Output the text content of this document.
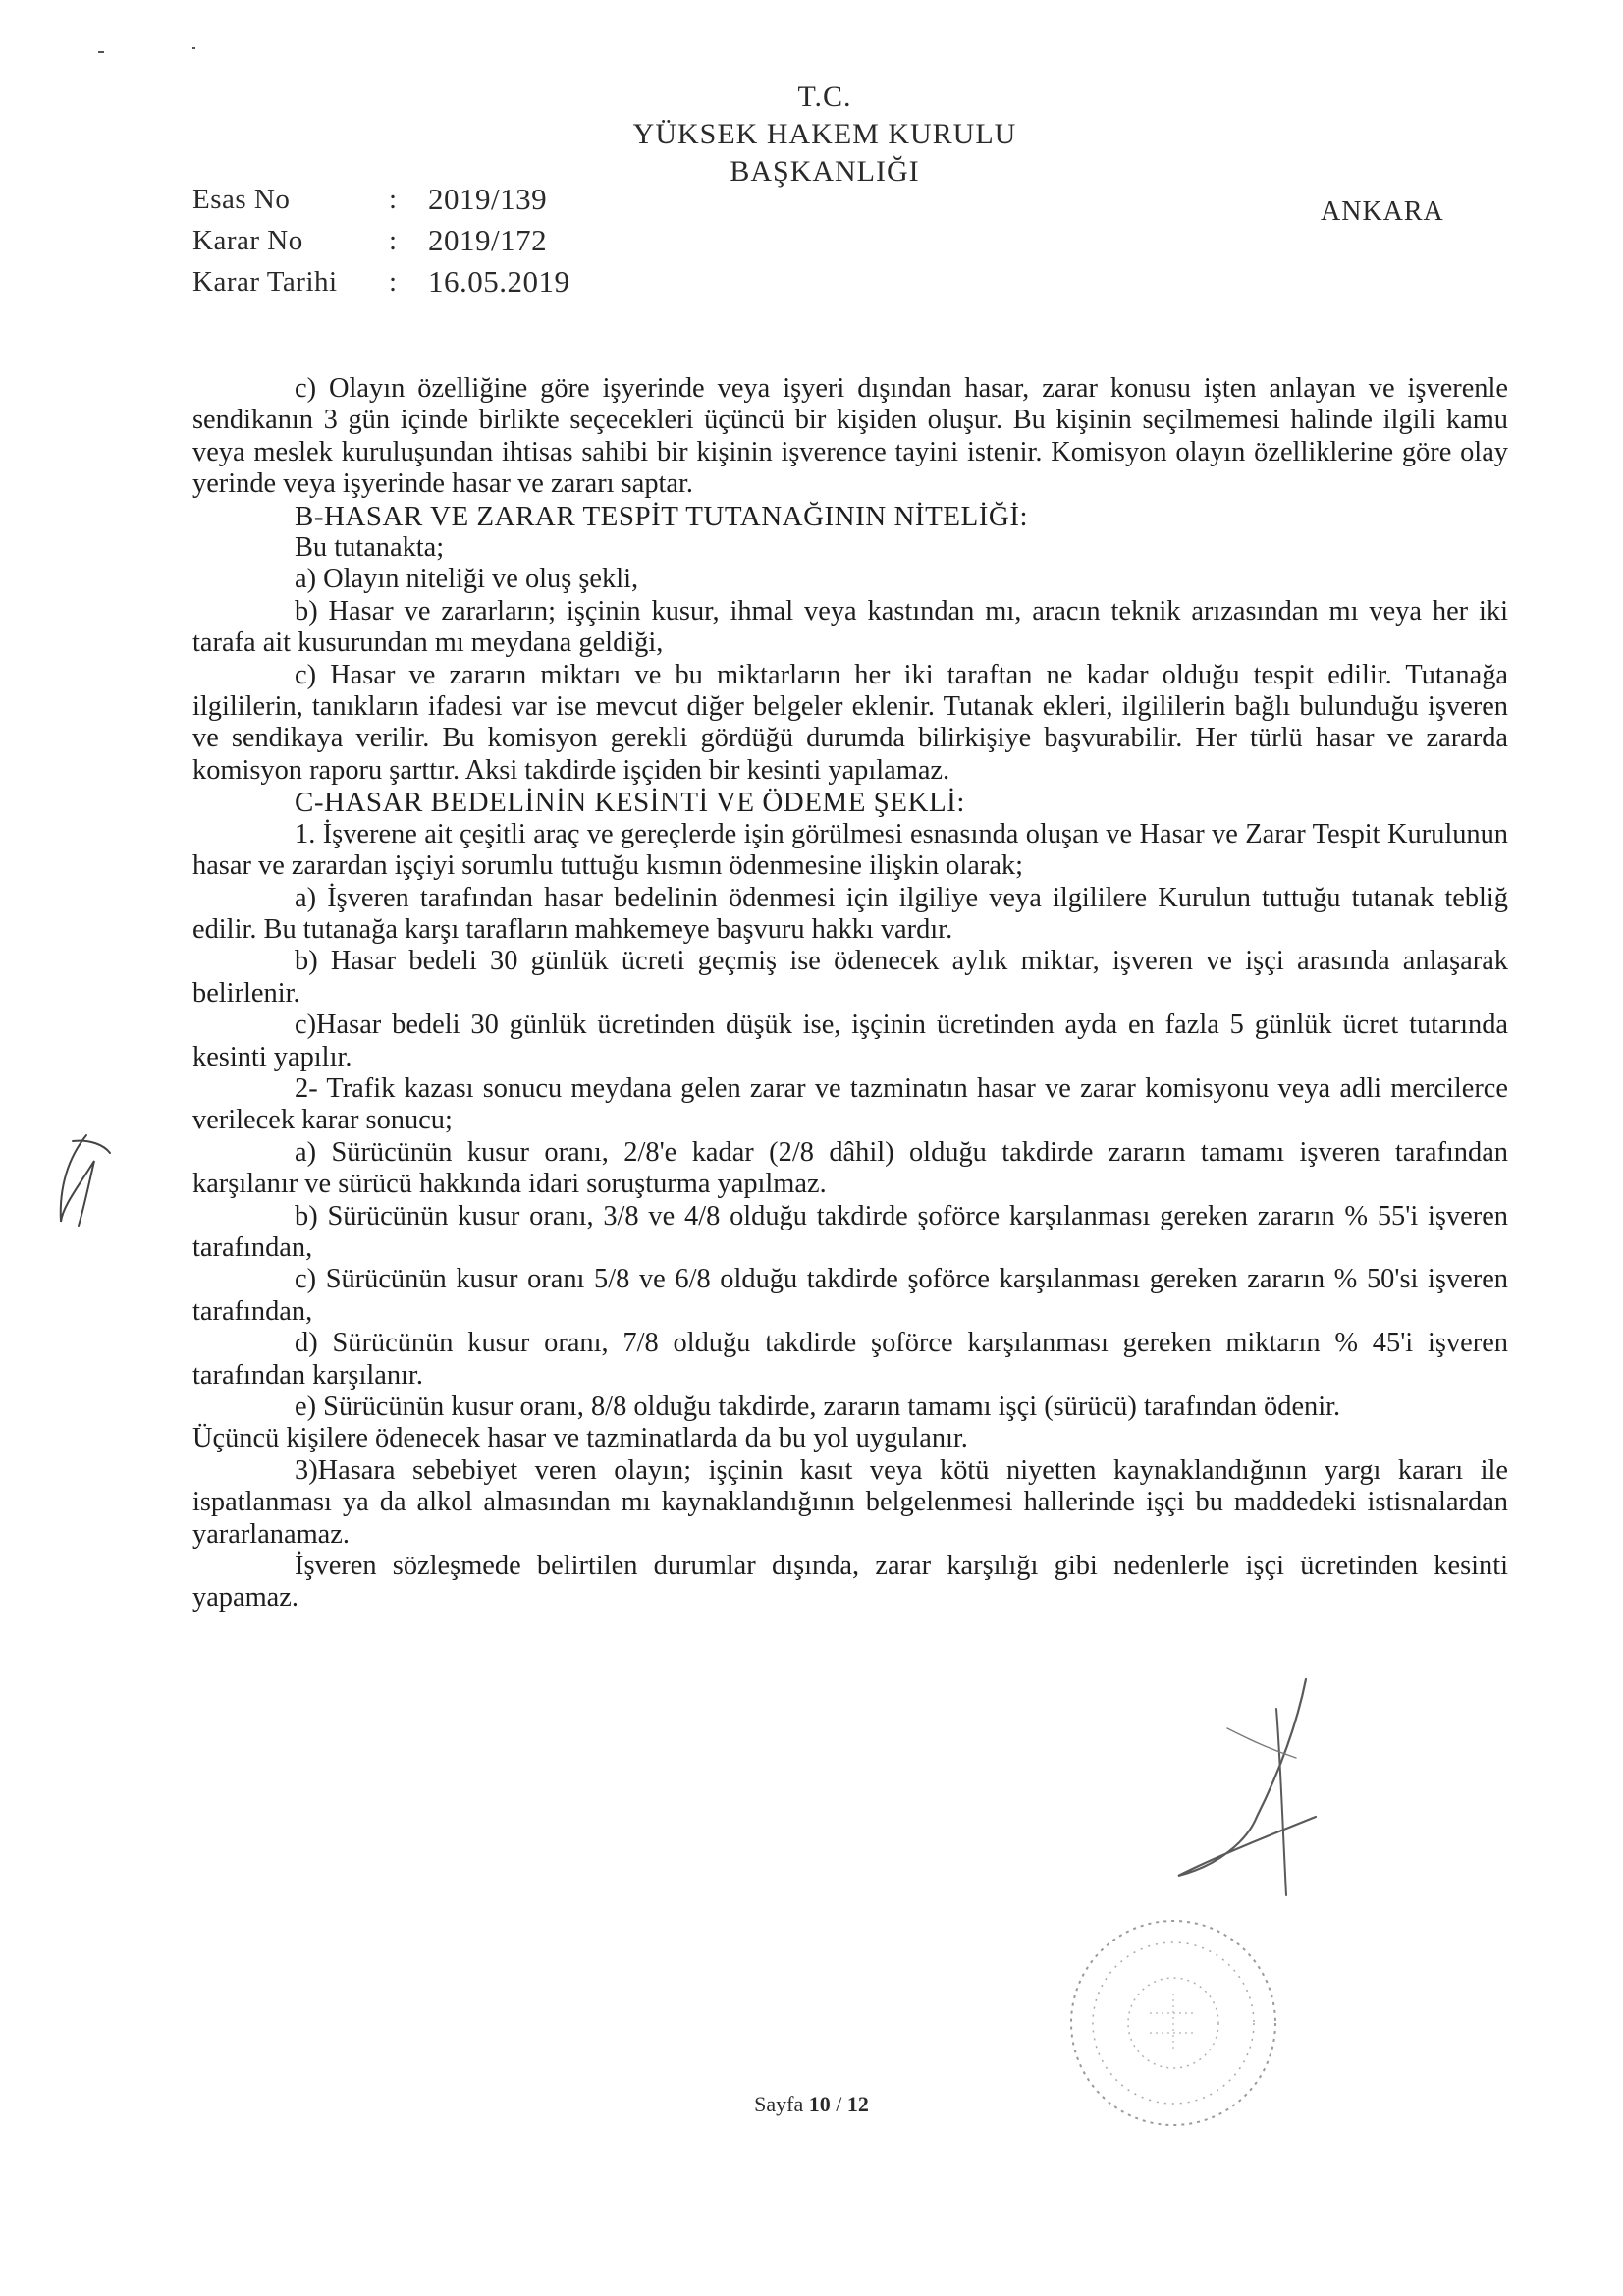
T.C.
YÜKSEK HAKEM KURULU
BAŞKANLIĞI
Esas No	:	2019/139
Karar No	:	2019/172
Karar Tarihi	:	16.05.2019
ANKARA

c) Olayın özelliğine göre işyerinde veya işyeri dışından hasar, zarar konusu işten anlayan ve işverenle sendikanın 3 gün içinde birlikte seçecekleri üçüncü bir kişiden oluşur. Bu kişinin seçilmemesi halinde ilgili kamu veya meslek kuruluşundan ihtisas sahibi bir kişinin işverence tayini istenir. Komisyon olayın özelliklerine göre olay yerinde veya işyerinde hasar ve zararı saptar.

B-HASAR VE ZARAR TESPİT TUTANAĞININ NİTELİĞİ:

Bu tutanakta;

a) Olayın niteliği ve oluş şekli,

b) Hasar ve zararların; işçinin kusur, ihmal veya kastından mı, aracın teknik arızasından mı veya her iki tarafa ait kusurundan mı meydana geldiği,

c) Hasar ve zararın miktarı ve bu miktarların her iki taraftan ne kadar olduğu tespit edilir. Tutanağa ilgililerin, tanıkların ifadesi var ise mevcut diğer belgeler eklenir. Tutanak ekleri, ilgililerin bağlı bulunduğu işveren ve sendikaya verilir. Bu komisyon gerekli gördüğü durumda bilirkişiye başvurabilir. Her türlü hasar ve zararda komisyon raporu şarttır. Aksi takdirde işçiden bir kesinti yapılamaz.

C-HASAR BEDELİNİN KESİNTİ VE ÖDEME ŞEKLİ:

1. İşverene ait çeşitli araç ve gereçlerde işin görülmesi esnasında oluşan ve Hasar ve Zarar Tespit Kurulunun hasar ve zarardan işçiyi sorumlu tuttuğu kısmın ödenmesine ilişkin olarak;

a) İşveren tarafından hasar bedelinin ödenmesi için ilgiliye veya ilgililere Kurulun tuttuğu tutanak tebliğ edilir. Bu tutanağa karşı tarafların mahkemeye başvuru hakkı vardır.

b) Hasar bedeli 30 günlük ücreti geçmiş ise ödenecek aylık miktar, işveren ve işçi arasında anlaşarak belirlenir.

c)Hasar bedeli 30 günlük ücretinden düşük ise, işçinin ücretinden ayda en fazla 5 günlük ücret tutarında kesinti yapılır.

2- Trafik kazası sonucu meydana gelen zarar ve tazminatın hasar ve zarar komisyonu veya adli mercilerce verilecek karar sonucu;

a) Sürücünün kusur oranı, 2/8'e kadar (2/8 dâhil) olduğu takdirde zararın tamamı işveren tarafından karşılanır ve sürücü hakkında idari soruşturma yapılmaz.

b) Sürücünün kusur oranı, 3/8 ve 4/8 olduğu takdirde şoförce karşılanması gereken zararın % 55'i işveren tarafından,

c) Sürücünün kusur oranı 5/8 ve 6/8 olduğu takdirde şoförce karşılanması gereken zararın % 50'si işveren tarafından,

d) Sürücünün kusur oranı, 7/8 olduğu takdirde şoförce karşılanması gereken miktarın % 45'i işveren tarafından karşılanır.

e) Sürücünün kusur oranı, 8/8 olduğu takdirde, zararın tamamı işçi (sürücü) tarafından ödenir.

Üçüncü kişilere ödenecek hasar ve tazminatlarda da bu yol uygulanır.

3)Hasara sebebiyet veren olayın; işçinin kasıt veya kötü niyetten kaynaklandığının yargı kararı ile ispatlanması ya da alkol almasından mı kaynaklandığının belgelenmesi hallerinde işçi bu maddedeki istisnalardan yararlanamaz.

İşveren sözleşmede belirtilen durumlar dışında, zarar karşılığı gibi nedenlerle işçi ücretinden kesinti yapamaz.

Sayfa 10 / 12
